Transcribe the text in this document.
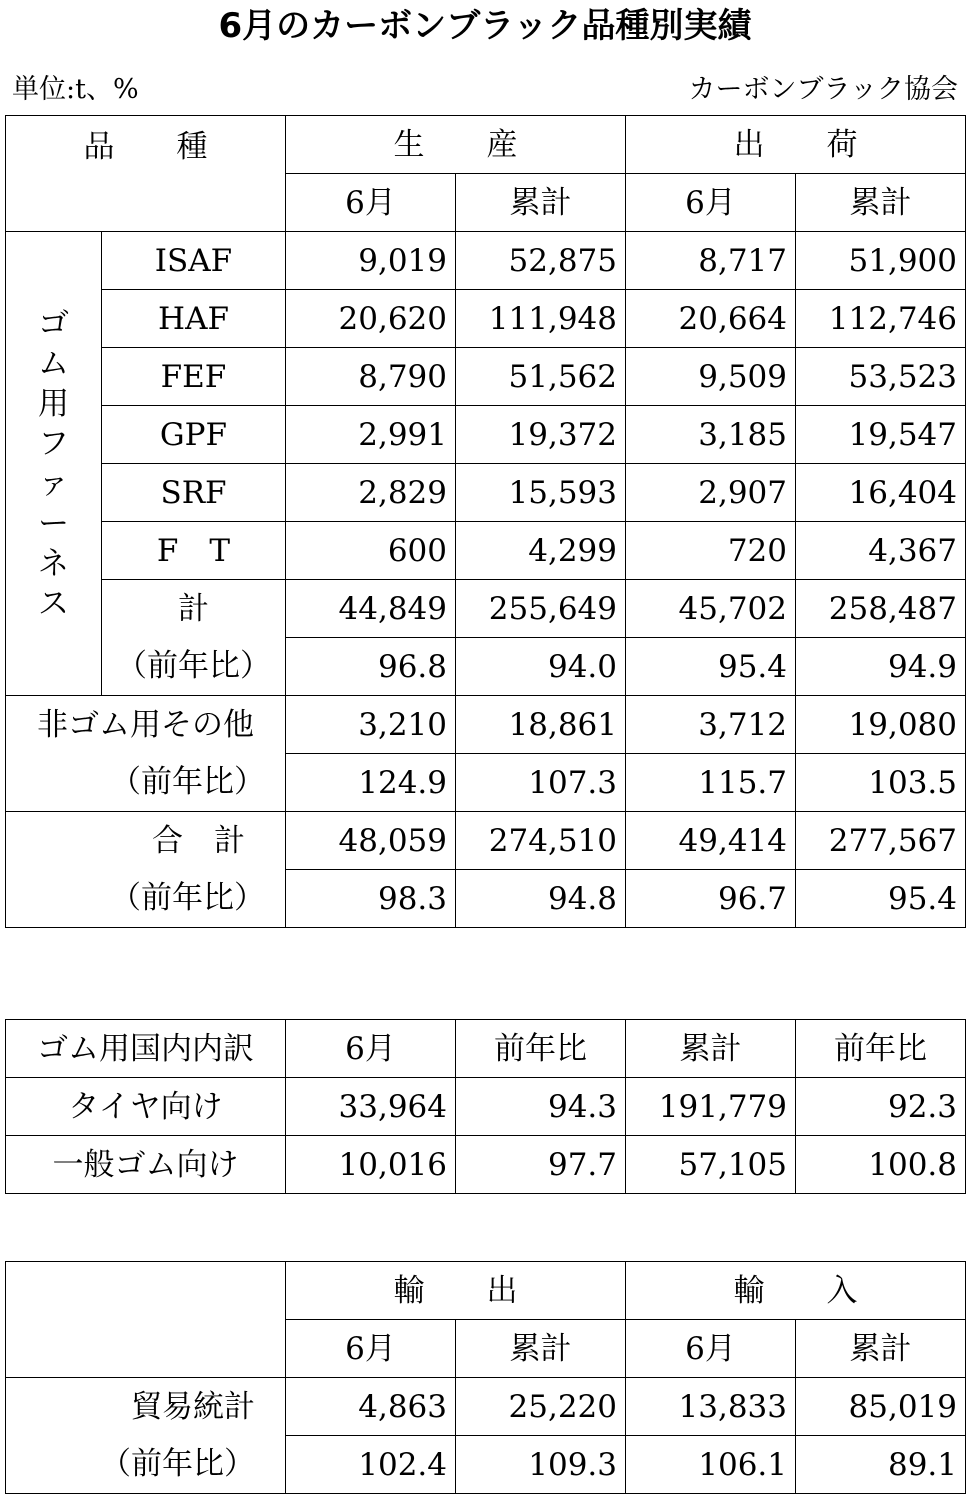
6月のカーボンブラック品種別実績
単位:t、%	カーボンブラック協会
品　　種		生　　産		出　　荷	
		6月	累計	6月	累計

ゴム用ファーネス	ISAF	9,019	52,875	8,717	51,900
	HAF	20,620	111,948	20,664	112,746
	FEF	8,790	51,562	9,509	53,523
	GPF	2,991	19,372	3,185	19,547
	SRF	2,829	15,593	2,907	16,404
	F　T	600	4,299	720	4,367
	計	44,849	255,649	45,702	258,487
	（前年比）	96.8	94.0	95.4	94.9
非ゴム用その他		3,210	18,861	3,712	19,080
（前年比）		124.9	107.3	115.7	103.5
合　計		48,059	274,510	49,414	277,567
（前年比）		98.3	94.8	96.7	95.4
ゴム用国内内訳	6月	前年比	累計	前年比
タイヤ向け	33,964	94.3	191,779	92.3
一般ゴム向け	10,016	97.7	57,105	100.8
	輸　　出		輸　　入	
	6月	累計	6月	累計
貿易統計	4,863	25,220	13,833	85,019
（前年比）	102.4	109.3	106.1	89.1
